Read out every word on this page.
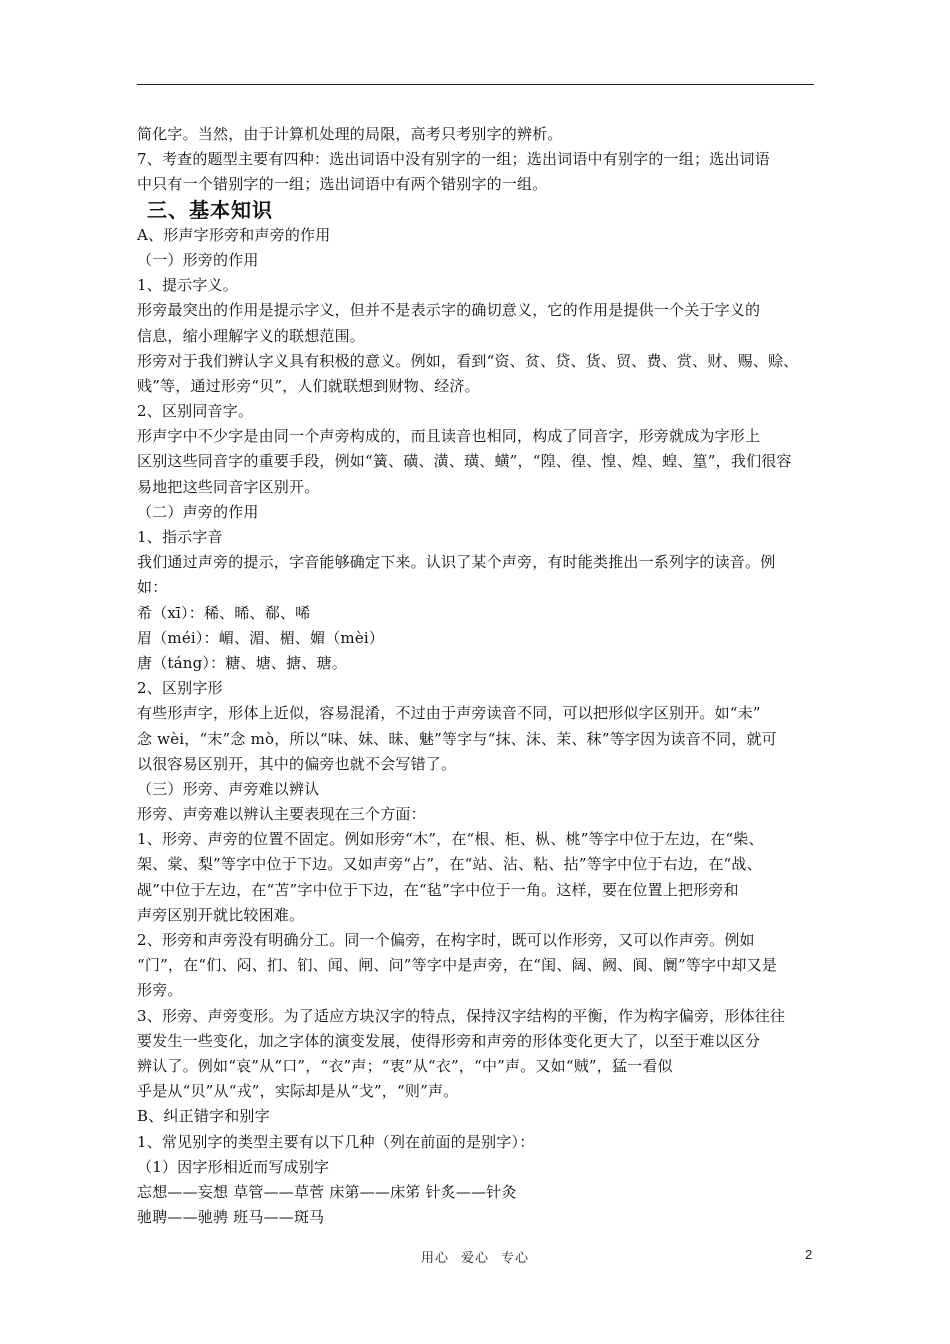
简化字。当然，由于计算机处理的局限，高考只考别字的辨析。
7、考查的题型主要有四种：选出词语中没有别字的一组；选出词语中有别字的一组；选出词语
中只有一个错别字的一组；选出词语中有两个错别字的一组。
三、基本知识
A、形声字形旁和声旁的作用
（一）形旁的作用
1、提示字义。
形旁最突出的作用是提示字义，但并不是表示字的确切意义，它的作用是提供一个关于字义的
信息，缩小理解字义的联想范围。
形旁对于我们辨认字义具有积极的意义。例如，看到“资、贫、贷、货、贸、费、赏、财、赐、赊、
贱”等，通过形旁“贝”，人们就联想到财物、经济。
2、区别同音字。
形声字中不少字是由同一个声旁构成的，而且读音也相同，构成了同音字，形旁就成为字形上
区别这些同音字的重要手段，例如“簧、磺、潢、璜、蟥”，“隍、徨、惶、煌、蝗、篁”，我们很容
易地把这些同音字区别开。
（二）声旁的作用
1、指示字音
我们通过声旁的提示，字音能够确定下来。认识了某个声旁，有时能类推出一系列字的读音。例
如：
希（xī）：稀、晞、郗、唏
眉（méi）：嵋、湄、楣、媚（mèi）
唐（táng）：糖、塘、搪、瑭。
2、区别字形
有些形声字，形体上近似，容易混淆，不过由于声旁读音不同，可以把形似字区别开。如“未”
念 wèi，“末”念 mò，所以“味、妹、昧、魅”等字与“抹、沫、茉、秣”等字因为读音不同，就可
以很容易区别开，其中的偏旁也就不会写错了。
（三）形旁、声旁难以辨认
形旁、声旁难以辨认主要表现在三个方面：
1、形旁、声旁的位置不固定。例如形旁“木”，在“根、柜、枞、桃”等字中位于左边，在“柴、
架、棠、梨”等字中位于下边。又如声旁“占”，在“站、沾、粘、拈”等字中位于右边，在“战、
觇”中位于左边，在“苫”字中位于下边，在“毡”字中位于一角。这样，要在位置上把形旁和
声旁区别开就比较困难。
2、形旁和声旁没有明确分工。同一个偏旁，在构字时，既可以作形旁，又可以作声旁。例如
“门”，在“们、闷、扪、钔、闻、闸、问”等字中是声旁，在“闺、阔、阙、阆、阛”等字中却又是
形旁。
3、形旁、声旁变形。为了适应方块汉字的特点，保持汉字结构的平衡，作为构字偏旁，形体往往
要发生一些变化，加之字体的演变发展，使得形旁和声旁的形体变化更大了，以至于难以区分
辨认了。例如“哀”从“口”，“衣”声；“衷”从“衣”，“中”声。又如“贼”，猛一看似
乎是从“贝”从“戎”，实际却是从“戈”，“则”声。
B、纠正错字和别字
1、常见别字的类型主要有以下几种（列在前面的是别字）：
（1）因字形相近而写成别字
忘想——妄想 草管——草菅 床第——床笫 针炙——针灸
驰聘——驰骋 班马——斑马
用心 爱心 专心	2
